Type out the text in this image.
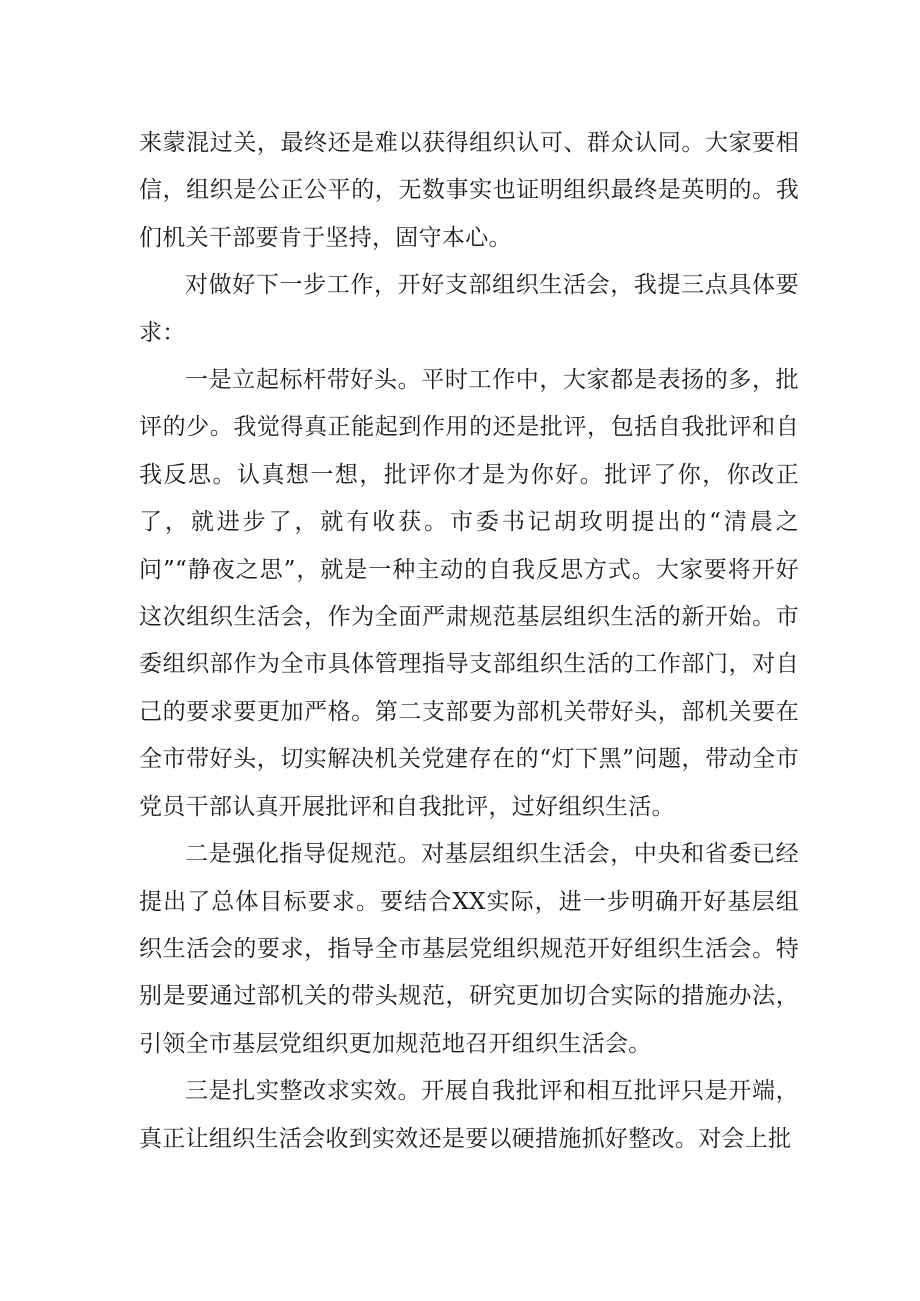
来蒙混过关，最终还是难以获得组织认可、群众认同。大家要相信，组织是公正公平的，无数事实也证明组织最终是英明的。我们机关干部要肯于坚持，固守本心。

对做好下一步工作，开好支部组织生活会，我提三点具体要求：

一是立起标杆带好头。平时工作中，大家都是表扬的多，批评的少。我觉得真正能起到作用的还是批评，包括自我批评和自我反思。认真想一想，批评你才是为你好。批评了你，你改正了，就进步了，就有收获。市委书记胡玫明提出的“清晨之问”“静夜之思”，就是一种主动的自我反思方式。大家要将开好这次组织生活会，作为全面严肃规范基层组织生活的新开始。市委组织部作为全市具体管理指导支部组织生活的工作部门，对自己的要求要更加严格。第二支部要为部机关带好头，部机关要在全市带好头，切实解决机关党建存在的“灯下黑”问题，带动全市党员干部认真开展批评和自我批评，过好组织生活。

二是强化指导促规范。对基层组织生活会，中央和省委已经提出了总体目标要求。要结合XX实际，进一步明确开好基层组织生活会的要求，指导全市基层党组织规范开好组织生活会。特别是要通过部机关的带头规范，研究更加切合实际的措施办法，引领全市基层党组织更加规范地召开组织生活会。

三是扎实整改求实效。开展自我批评和相互批评只是开端，真正让组织生活会收到实效还是要以硬措施抓好整改。对会上批
